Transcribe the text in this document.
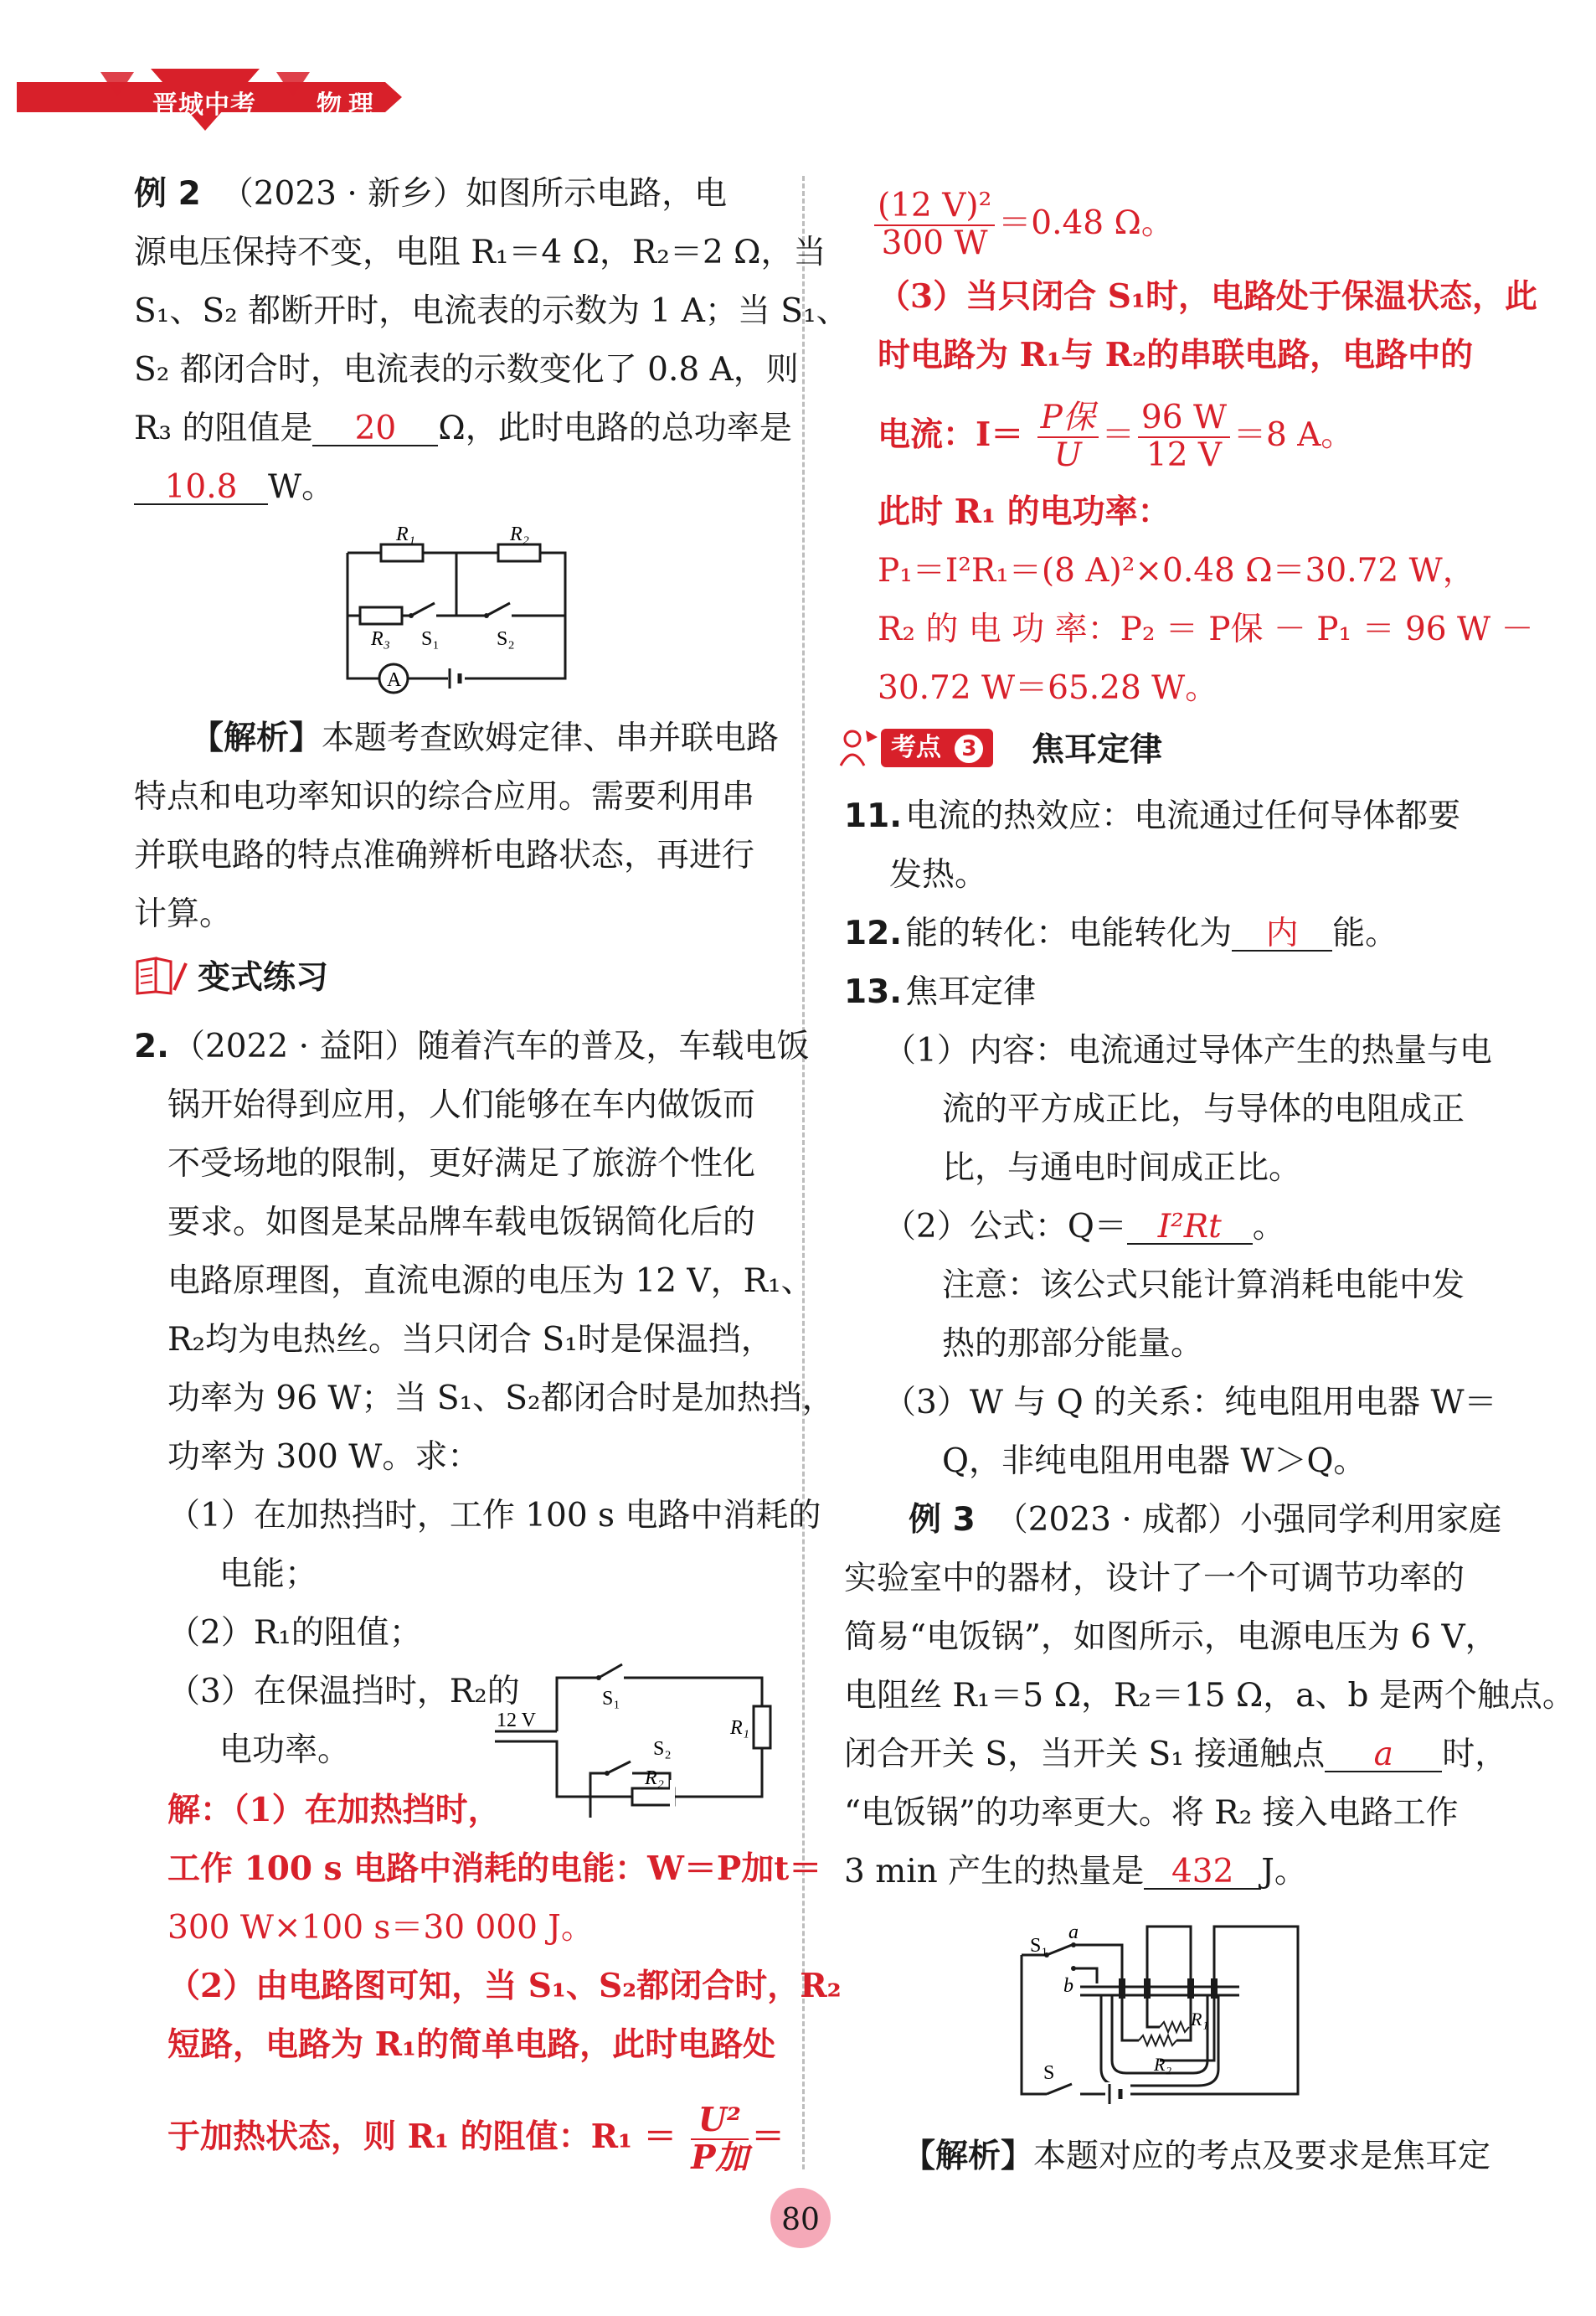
晋城中考 物理
例 2 （2023 · 新乡）如图所示电路，电
源电压保持不变，电阻 R₁＝4 Ω，R₂＝2 Ω，当
S₁、S₂ 都断开时，电流表的示数为 1 A；当 S₁、
S₂ 都闭合时，电流表的示数变化了 0.8 A，则
R₃ 的阻值是 20 Ω，此时电路的总功率是
10.8 W。
R₁	R₂
R₃ S₁	S₂
A
【解析】本题考查欧姆定律、串并联电路
特点和电功率知识的综合应用。需要利用串
并联电路的特点准确辨析电路状态，再进行
计算。
变式练习
2. （2022 · 益阳）随着汽车的普及，车载电饭
锅开始得到应用，人们能够在车内做饭而
不受场地的限制，更好满足了旅游个性化
要求。如图是某品牌车载电饭锅简化后的
电路原理图，直流电源的电压为 12 V，R₁、
R₂均为电热丝。当只闭合 S₁时是保温挡，
功率为 96 W；当 S₁、S₂都闭合时是加热挡，
功率为 300 W。求：
（1）在加热挡时，工作 100 s 电路中消耗的
电能；
（2）R₁的阻值；
（3）在保温挡时，R₂的
电功率。
S₁
S₂
R₁
R₂
12 V
解：（1）在加热挡时，
工作 100 s 电路中消耗的电能：W＝P加t＝
300 W×100 s＝30 000 J。
（2）由电路图可知，当 S₁、S₂都闭合时，R₂
短路，电路为 R₁的简单电路，此时电路处
于加热状态，则 R₁ 的阻值：$R_1 = \frac{\text{U²}}{\text{P加}}$ ＝
$\frac{\text{(12 V)²}}{300 W} =0.48$ Ω。
（3）当只闭合 S₁时，电路处于保温状态，此
时电路为 R₁与 R₂的串联电路，电路中的
电流：$I= \frac{\text{P保}}{U} = \frac{96 W}{12 V} =8$ A。
此时 R₁ 的电功率：
P₁＝I²R₁＝(8 A)²×0.48 Ω＝30.72 W，
R₂ 的 电 功 率：P₂ ＝ P保 － P₁ ＝ 96 W －
30.72 W＝65.28 W。
考点 3	焦耳定律
11. 电流的热效应：电流通过任何导体都要
发热。
12. 能的转化：电能转化为 内 能。
13. 焦耳定律
（1）内容：电流通过导体产生的热量与电
流的平方成正比，与导体的电阻成正
比，与通电时间成正比。
（2）公式：Q＝ I²Rt 。
注意：该公式只能计算消耗电能中发
热的那部分能量。
（3）W 与 Q 的关系：纯电阻用电器 W＝
Q，非纯电阻用电器 W＞Q。
例 3 （2023 · 成都）小强同学利用家庭
实验室中的器材，设计了一个可调节功率的
简易“电饭锅”，如图所示，电源电压为 6 V，
电阻丝 R₁＝5 Ω，R₂＝15 Ω，a、b 是两个触点。
闭合开关 S，当开关 S₁ 接通触点 a 时，
“电饭锅”的功率更大。将 R₂ 接入电路工作
3 min 产生的热量是 432 J。
S₁
a
b
S
R₁
R₂
【解析】本题对应的考点及要求是焦耳定
80
